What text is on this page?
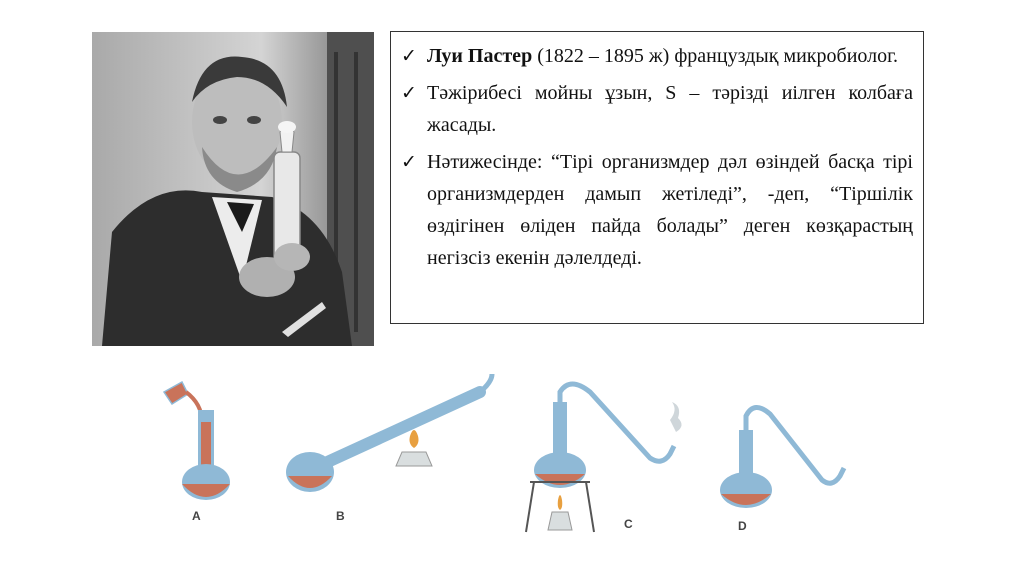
✓ Луи Пастер (1822 – 1895 ж) француздық микробиолог.
✓ Тәжірибесі мойны ұзын, S – тәрізді иілген колбаға жасады.
✓ Нәтижесінде: “Тірі организмдер дәл өзіндей басқа тірі организмдерден дамып жетіледі”, -деп, “Тіршілік өздігінен өліден пайда болады” деген көзқарастың негізсіз екенін дәлелдеді.
A	B
C	D
